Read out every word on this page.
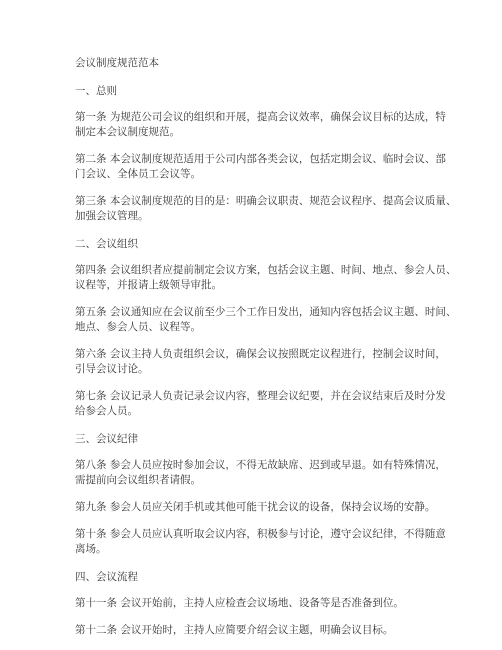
会议制度规范范本
一、总则
第一条 为规范公司会议的组织和开展，提高会议效率，确保会议目标的达成，特
制定本会议制度规范。
第二条 本会议制度规范适用于公司内部各类会议，包括定期会议、临时会议、部
门会议、全体员工会议等。
第三条 本会议制度规范的目的是：明确会议职责、规范会议程序、提高会议质量、
加强会议管理。
二、会议组织
第四条 会议组织者应提前制定会议方案，包括会议主题、时间、地点、参会人员、
议程等，并报请上级领导审批。
第五条 会议通知应在会议前至少三个工作日发出，通知内容包括会议主题、时间、
地点、参会人员、议程等。
第六条 会议主持人负责组织会议，确保会议按照既定议程进行，控制会议时间，
引导会议讨论。
第七条 会议记录人负责记录会议内容，整理会议纪要，并在会议结束后及时分发
给参会人员。
三、会议纪律
第八条 参会人员应按时参加会议，不得无故缺席、迟到或早退。如有特殊情况，
需提前向会议组织者请假。
第九条 参会人员应关闭手机或其他可能干扰会议的设备，保持会议场的安静。
第十条 参会人员应认真听取会议内容，积极参与讨论，遵守会议纪律，不得随意
离场。
四、会议流程
第十一条 会议开始前，主持人应检查会议场地、设备等是否准备到位。
第十二条 会议开始时，主持人应简要介绍会议主题，明确会议目标。
